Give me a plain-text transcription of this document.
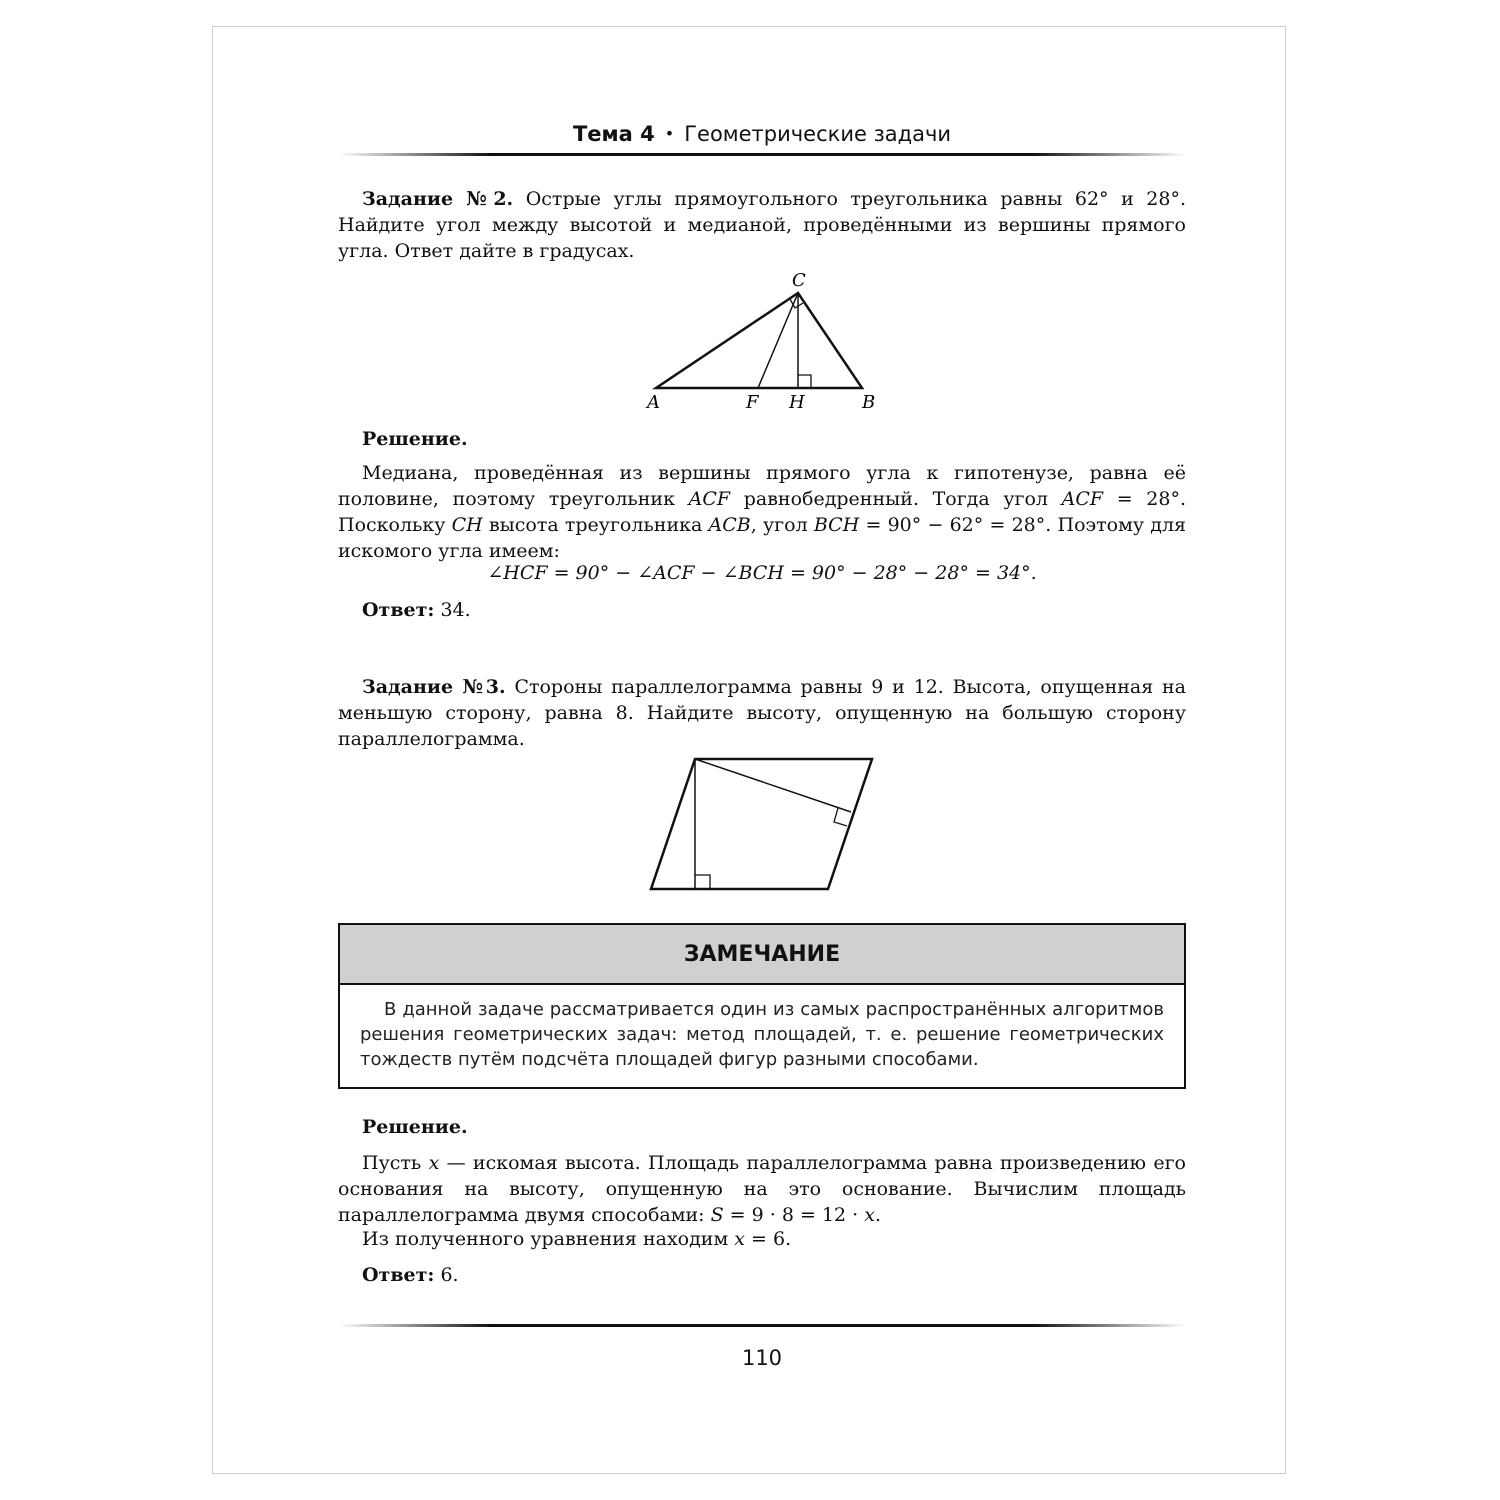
Тема 4 • Геометрические задачи
Задание №2. Острые углы прямоугольного треугольника равны 62° и 28°. Найдите угол между высотой и медианой, проведёнными из вершины прямого угла. Ответ дайте в градусах.
C
A	F H	B
Решение.
Медиана, проведённая из вершины прямого угла к гипотенузе, равна её половине, поэтому треугольник ACF равнобедренный. Тогда угол ACF = 28°. Поскольку CH высота треугольника ACB, угол BCH = 90° − 62° = 28°. Поэтому для искомого угла имеем:
∠HCF = 90° − ∠ACF − ∠BCH = 90° − 28° − 28° = 34°.
Ответ: 34.
Задание №3. Стороны параллелограмма равны 9 и 12. Высота, опущенная на меньшую сторону, равна 8. Найдите высоту, опущенную на большую сторону параллелограмма.
ЗАМЕЧАНИЕ
В данной задаче рассматривается один из самых распространённых алгоритмов решения геометрических задач: метод площадей, т. е. решение геометрических тождеств путём подсчёта площадей фигур разными способами.
Решение.
Пусть x — искомая высота. Площадь параллелограмма равна произведению его основания на высоту, опущенную на это основание. Вычислим площадь параллелограмма двумя способами: S = 9 · 8 = 12 · x.
Из полученного уравнения находим x = 6.
Ответ: 6.
110
